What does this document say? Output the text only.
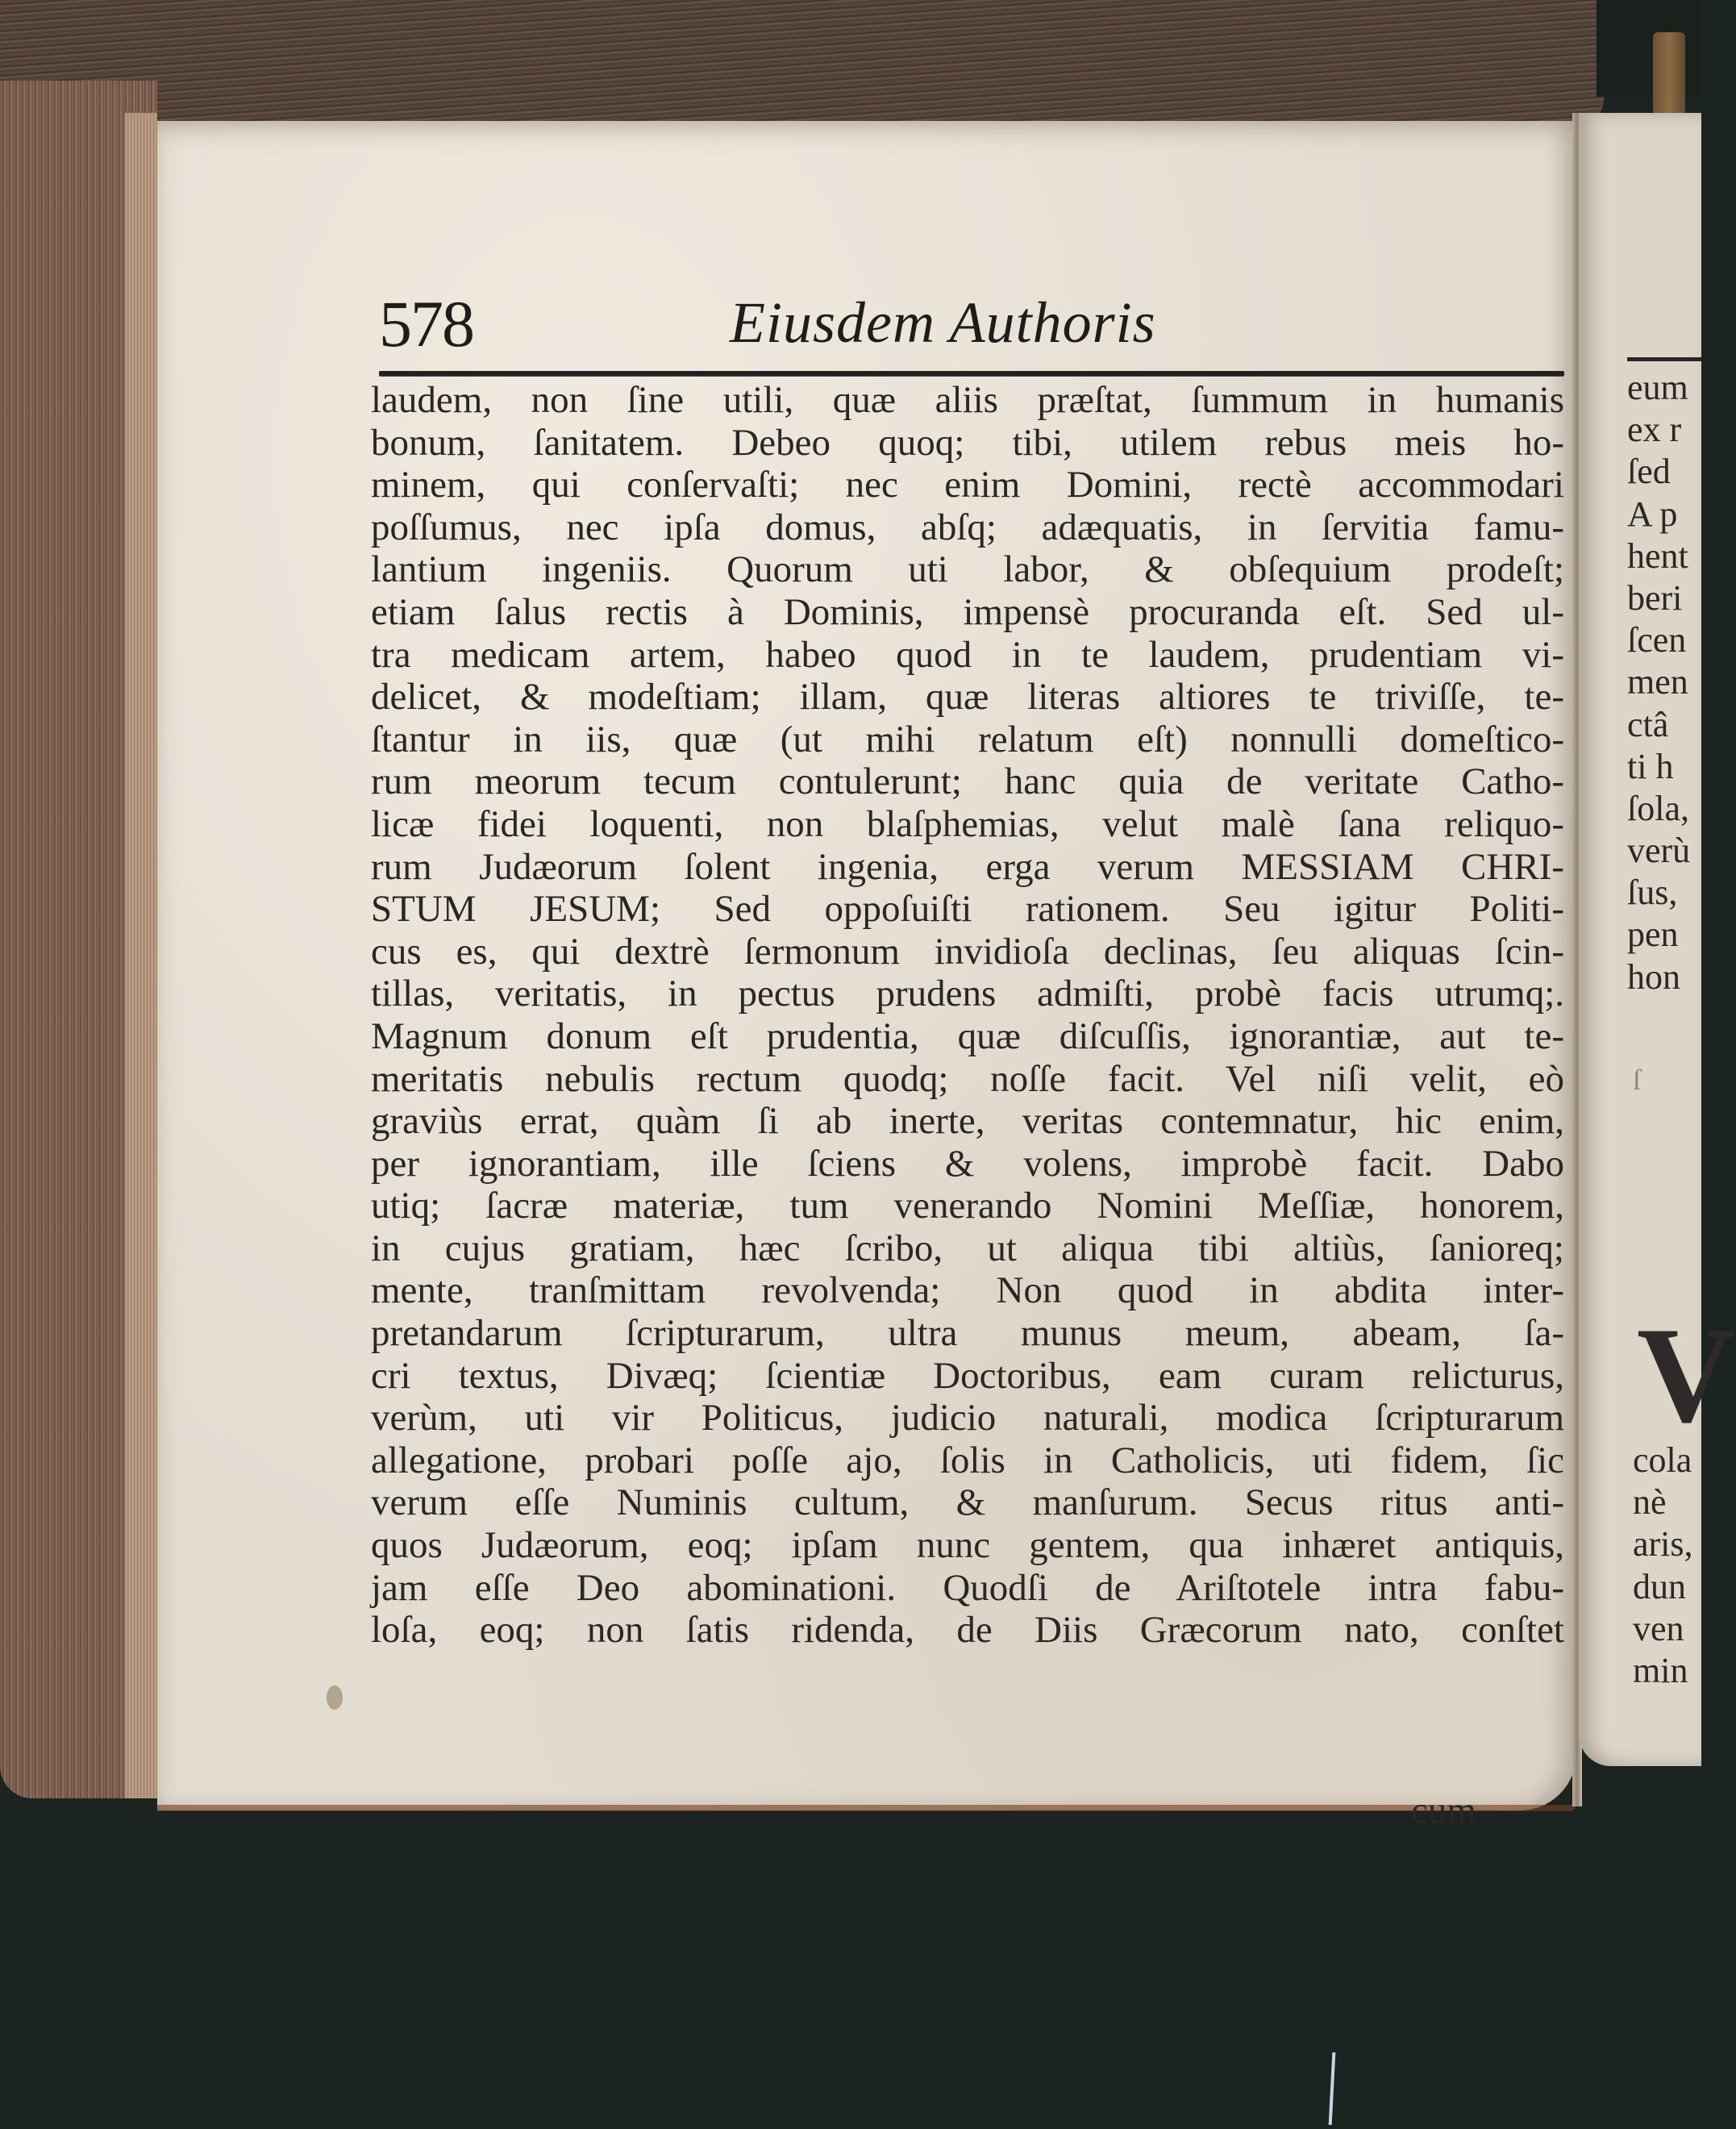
578	Eiusdem Authoris
laudem, non ſine utili, quæ aliis præſtat, ſummum in humanis
bonum, ſanitatem. Debeo quoq; tibi, utilem rebus meis ho-
minem, qui conſervaſti; nec enim Domini, rectè accommodari
poſſumus, nec ipſa domus, abſq; adæquatis, in ſervitia famu-
lantium ingeniis. Quorum uti labor, & obſequium prodeſt;
etiam ſalus rectis à Dominis, impensè procuranda eſt. Sed ul-
tra medicam artem, habeo quod in te laudem, prudentiam vi-
delicet, & modeſtiam; illam, quæ literas altiores te triviſſe, te-
ſtantur in iis, quæ (ut mihi relatum eſt) nonnulli domeſtico-
rum meorum tecum contulerunt; hanc quia de veritate Catho-
licæ fidei loquenti, non blaſphemias, velut malè ſana reliquo-
rum Judæorum ſolent ingenia, erga verum MESSIAM CHRI-
STUM JESUM; Sed oppoſuiſti rationem. Seu igitur Politi-
cus es, qui dextrè ſermonum invidioſa declinas, ſeu aliquas ſcin-
tillas, veritatis, in pectus prudens admiſti, probè facis utrumq;.
Magnum donum eſt prudentia, quæ diſcuſſis, ignorantiæ, aut te-
meritatis nebulis rectum quodq; noſſe facit. Vel niſi velit, eò
graviùs errat, quàm ſi ab inerte, veritas contemnatur, hic enim,
per ignorantiam, ille ſciens & volens, improbè facit. Dabo
utiq; ſacræ materiæ, tum venerando Nomini Meſſiæ, honorem,
in cujus gratiam, hæc ſcribo, ut aliqua tibi altiùs, ſanioreq;
mente, tranſmittam revolvenda; Non quod in abdita inter-
pretandarum ſcripturarum, ultra munus meum, abeam, ſa-
cri textus, Divæq; ſcientiæ Doctoribus, eam curam relicturus,
verùm, uti vir Politicus, judicio naturali, modica ſcripturarum
allegatione, probari poſſe ajo, ſolis in Catholicis, uti fidem, ſic
verum eſſe Numinis cultum, & manſurum. Secus ritus anti-
quos Judæorum, eoq; ipſam nunc gentem, qua inhæret antiquis,
jam eſſe Deo abominationi. Quodſi de Ariſtotele intra fabu-
loſa, eoq; non ſatis ridenda, de Diis Græcorum nato, conſtet
cum
eum
ex r
ſed
A p
hent
beri
ſcen
men
ctâ
ti h
ſola,
verù
ſus,
pen
hon
ſ
V
cola
nè
aris,
dun
ven
min
